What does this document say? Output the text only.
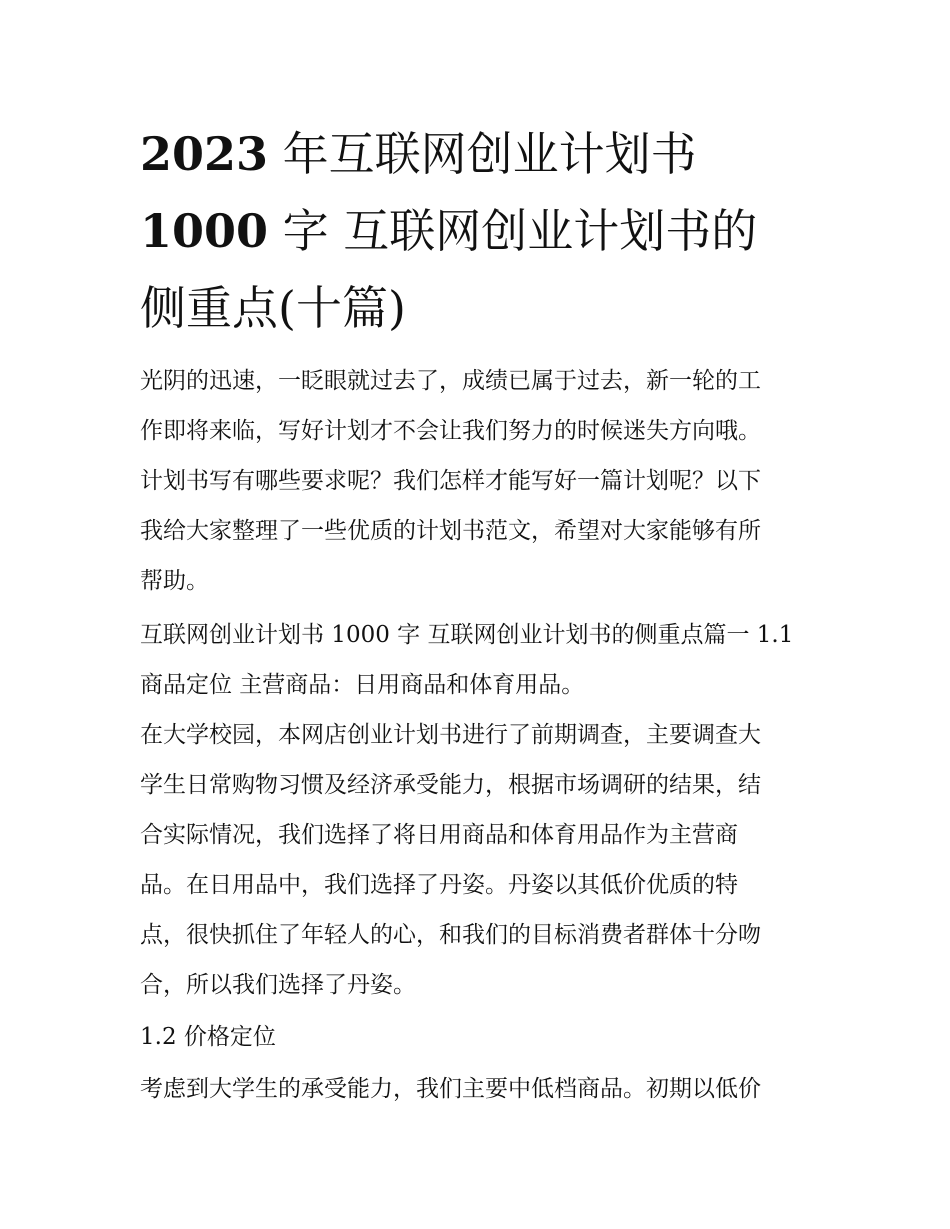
2023 年互联网创业计划书
1000 字 互联网创业计划书的
侧重点(十篇)

光阴的迅速，一眨眼就过去了，成绩已属于过去，新一轮的工
作即将来临，写好计划才不会让我们努力的时候迷失方向哦。
计划书写有哪些要求呢？我们怎样才能写好一篇计划呢？以下
我给大家整理了一些优质的计划书范文，希望对大家能够有所
帮助。

互联网创业计划书 1000 字 互联网创业计划书的侧重点篇一 1.1
商品定位 主营商品：日用商品和体育用品。

在大学校园，本网店创业计划书进行了前期调查，主要调查大
学生日常购物习惯及经济承受能力，根据市场调研的结果，结
合实际情况，我们选择了将日用商品和体育用品作为主营商
品。在日用品中，我们选择了丹姿。丹姿以其低价优质的特
点，很快抓住了年轻人的心，和我们的目标消费者群体十分吻
合，所以我们选择了丹姿。

1.2 价格定位

考虑到大学生的承受能力，我们主要中低档商品。初期以低价
